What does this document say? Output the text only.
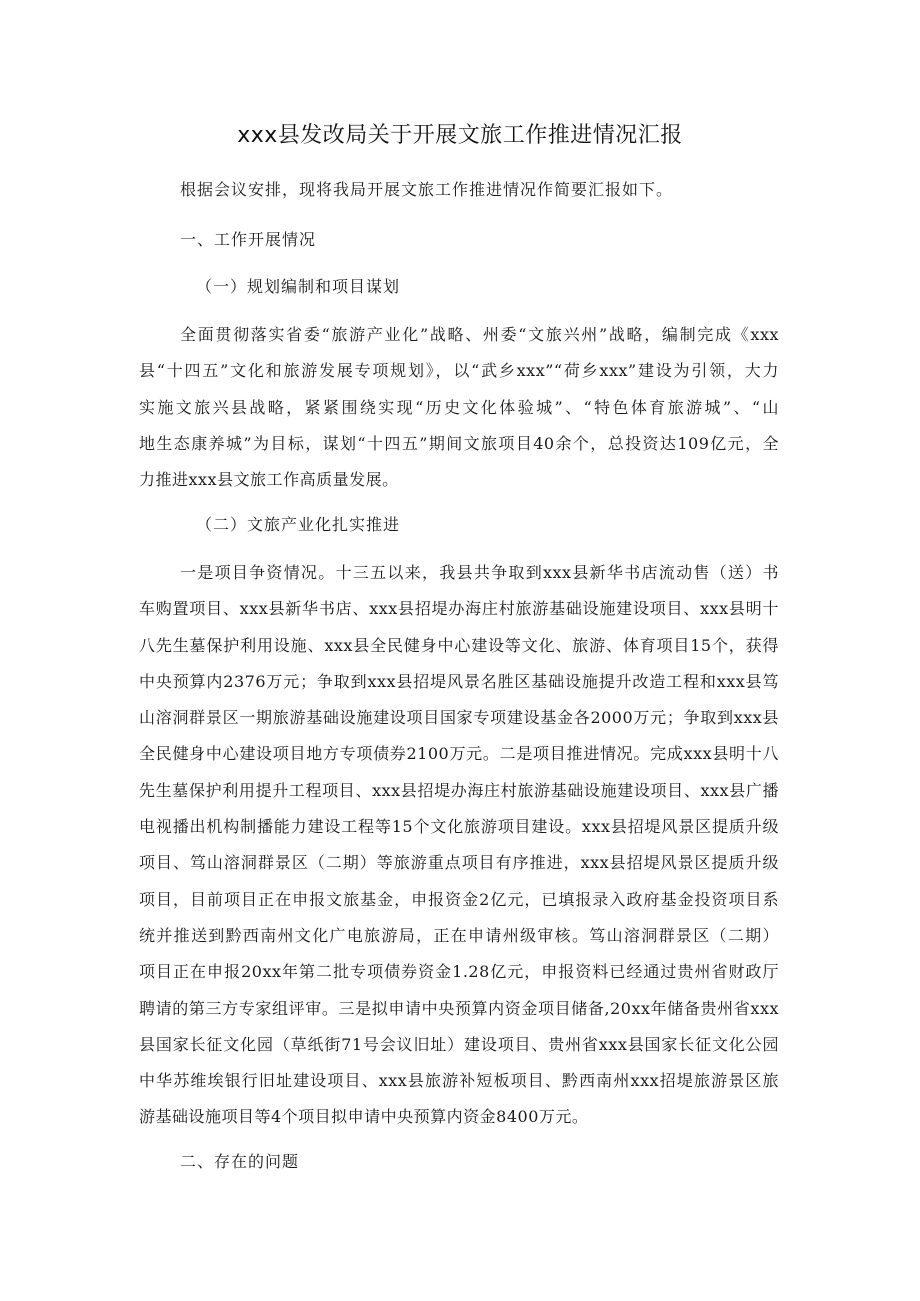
xxx县发改局关于开展文旅工作推进情况汇报

根据会议安排，现将我局开展文旅工作推进情况作简要汇报如下。

一、工作开展情况

（一）规划编制和项目谋划

全面贯彻落实省委“旅游产业化”战略、州委“文旅兴州”战略，编制完成《xxx
县“十四五”文化和旅游发展专项规划》，以“武乡xxx”“荷乡xxx”建设为引领，大力
实施文旅兴县战略，紧紧围绕实现“历史文化体验城”、“特色体育旅游城”、“山
地生态康养城”为目标，谋划“十四五”期间文旅项目40余个，总投资达109亿元，全
力推进xxx县文旅工作高质量发展。

（二）文旅产业化扎实推进

一是项目争资情况。十三五以来，我县共争取到xxx县新华书店流动售（送）书
车购置项目、xxx县新华书店、xxx县招堤办海庄村旅游基础设施建设项目、xxx县明十
八先生墓保护利用设施、xxx县全民健身中心建设等文化、旅游、体育项目15个，获得
中央预算内2376万元；争取到xxx县招堤风景名胜区基础设施提升改造工程和xxx县笃
山溶洞群景区一期旅游基础设施建设项目国家专项建设基金各2000万元；争取到xxx县
全民健身中心建设项目地方专项债券2100万元。二是项目推进情况。完成xxx县明十八
先生墓保护利用提升工程项目、xxx县招堤办海庄村旅游基础设施建设项目、xxx县广播
电视播出机构制播能力建设工程等15个文化旅游项目建设。xxx县招堤风景区提质升级
项目、笃山溶洞群景区（二期）等旅游重点项目有序推进，xxx县招堤风景区提质升级
项目，目前项目正在申报文旅基金，申报资金2亿元，已填报录入政府基金投资项目系
统并推送到黔西南州文化广电旅游局，正在申请州级审核。笃山溶洞群景区（二期）
项目正在申报20xx年第二批专项债券资金1.28亿元，申报资料已经通过贵州省财政厅
聘请的第三方专家组评审。三是拟申请中央预算内资金项目储备,20xx年储备贵州省xxx
县国家长征文化园（草纸街71号会议旧址）建设项目、贵州省xxx县国家长征文化公园
中华苏维埃银行旧址建设项目、xxx县旅游补短板项目、黔西南州xxx招堤旅游景区旅
游基础设施项目等4个项目拟申请中央预算内资金8400万元。

二、存在的问题
